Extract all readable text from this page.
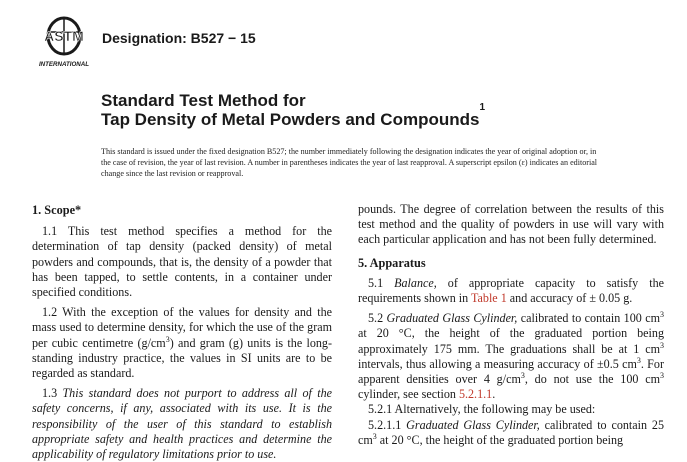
ASTM
INTERNATIONAL
Designation: B527 − 15
Standard Test Method for
Tap Density of Metal Powders and Compounds$^1$
This standard is issued under the fixed designation B527; the number immediately following the designation indicates the year of original adoption or, in the case of revision, the year of last revision. A number in parentheses indicates the year of last reapproval. A superscript epsilon (ε) indicates an editorial change since the last revision or reapproval.

1. Scope*

1.1 This test method specifies a method for the determination of tap density (packed density) of metal powders and compounds, that is, the density of a powder that has been tapped, to settle contents, in a container under specified conditions.

1.2 With the exception of the values for density and the mass used to determine density, for which the use of the gram per cubic centimetre $(g/cm^3)$ and gram (g) units is the long-standing industry practice, the values in SI units are to be regarded as standard.

1.3 This standard does not purport to address all of the safety concerns, if any, associated with its use. It is the responsibility of the user of this standard to establish appropriate safety and health practices and determine the applicability of regulatory limitations prior to use.

pounds. The degree of correlation between the results of this test method and the quality of powders in use will vary with each particular application and has not been fully determined.

5. Apparatus

5.1 Balance, of appropriate capacity to satisfy the requirements shown in Table 1 and accuracy of ± 0.05 g.

5.2 Graduated Glass Cylinder, calibrated to contain 100 $cm^3$ at 20 °C, the height of the graduated portion being approximately 175 mm. The graduations shall be at 1 $cm^3$ intervals, thus allowing a measuring accuracy of ±0.5 $cm^3$. For apparent densities over 4 $g/cm^3$, do not use the 100 $cm^3$ cylinder, see section 5.2.1.1.

5.2.1 Alternatively, the following may be used:

5.2.1.1 Graduated Glass Cylinder, calibrated to contain 25 $cm^3$ at 20 °C, the height of the graduated portion being
